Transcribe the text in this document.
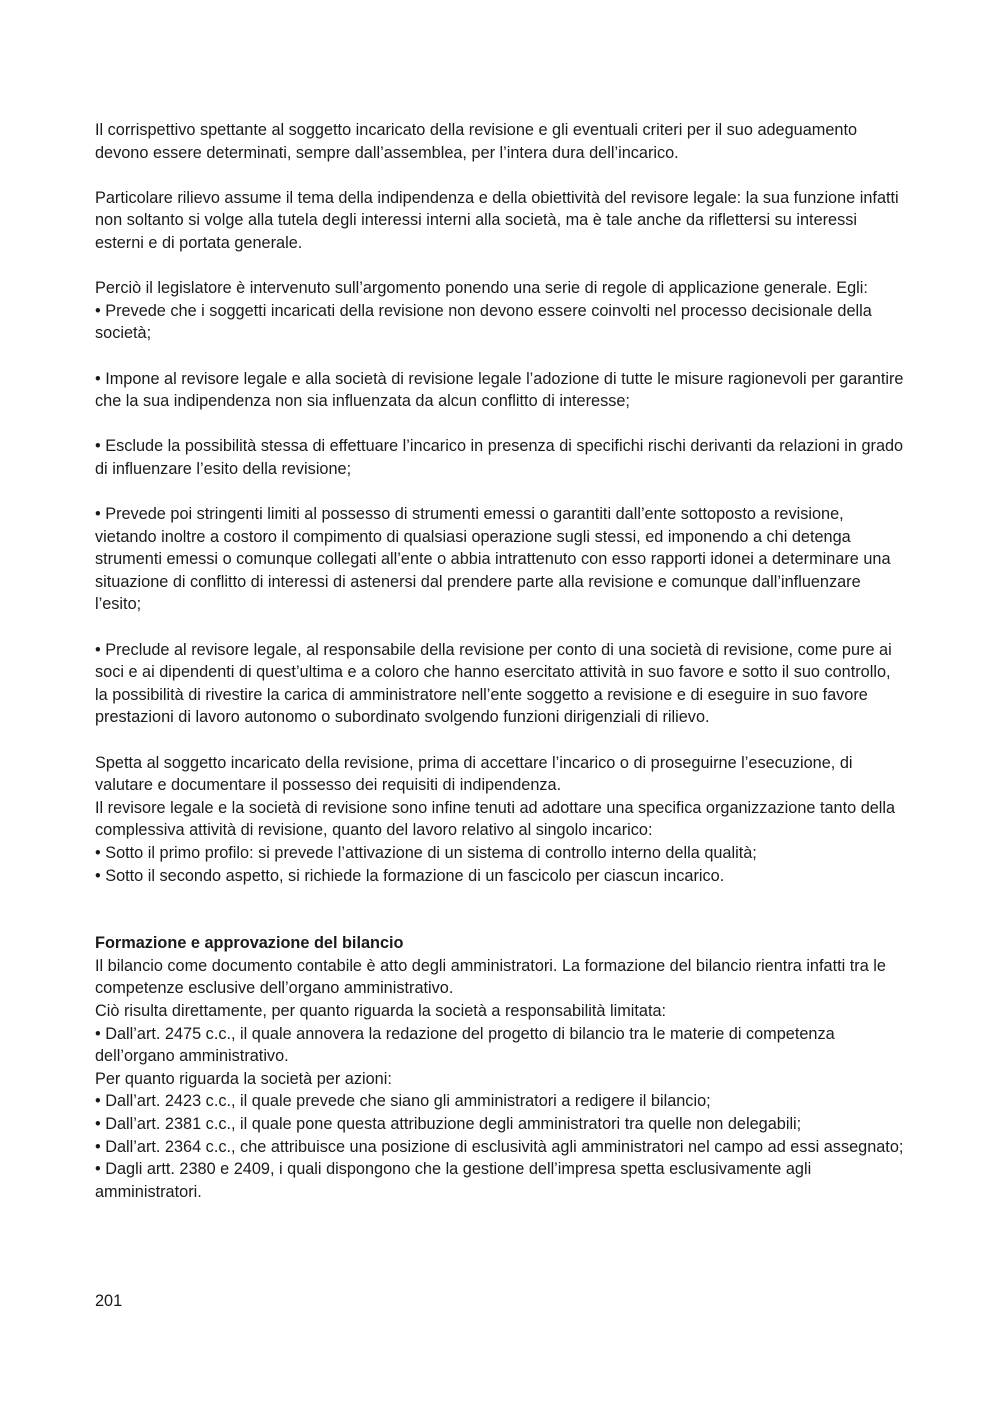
Il corrispettivo spettante al soggetto incaricato della revisione e gli eventuali criteri per il suo adeguamento devono essere determinati, sempre dall’assemblea, per l’intera dura dell’incarico.

Particolare rilievo assume il tema della indipendenza e della obiettività del revisore legale: la sua funzione infatti non soltanto si volge alla tutela degli interessi interni alla società, ma è tale anche da riflettersi su interessi esterni e di portata generale.

Perciò il legislatore è intervenuto sull’argomento ponendo una serie di regole di applicazione generale. Egli:

• Prevede che i soggetti incaricati della revisione non devono essere coinvolti nel processo decisionale della società;

• Impone al revisore legale e alla società di revisione legale l’adozione di tutte le misure ragionevoli per garantire che la sua indipendenza non sia influenzata da alcun conflitto di interesse;

• Esclude la possibilità stessa di effettuare l’incarico in presenza di specifichi rischi derivanti da relazioni in grado di influenzare l’esito della revisione;

• Prevede poi stringenti limiti al possesso di strumenti emessi o garantiti dall’ente sottoposto a revisione, vietando inoltre a costoro il compimento di qualsiasi operazione sugli stessi, ed imponendo a chi detenga strumenti emessi o comunque collegati all’ente o abbia intrattenuto con esso rapporti idonei a determinare una situazione di conflitto di interessi di astenersi dal prendere parte alla revisione e comunque dall’influenzare l’esito;

• Preclude al revisore legale, al responsabile della revisione per conto di una società di revisione, come pure ai soci e ai dipendenti di quest’ultima e a coloro che hanno esercitato attività in suo favore e sotto il suo controllo, la possibilità di rivestire la carica di amministratore nell’ente soggetto a revisione e di eseguire in suo favore prestazioni di lavoro autonomo o subordinato svolgendo funzioni dirigenziali di rilievo.

Spetta al soggetto incaricato della revisione, prima di accettare l’incarico o di proseguirne l’esecuzione, di valutare e documentare il possesso dei requisiti di indipendenza.

Il revisore legale e la società di revisione sono infine tenuti ad adottare una specifica organizzazione tanto della complessiva attività di revisione, quanto del lavoro relativo al singolo incarico:

• Sotto il primo profilo: si prevede l’attivazione di un sistema di controllo interno della qualità;

• Sotto il secondo aspetto, si richiede la formazione di un fascicolo per ciascun incarico.

Formazione e approvazione del bilancio

Il bilancio come documento contabile è atto degli amministratori. La formazione del bilancio rientra infatti tra le competenze esclusive dell’organo amministrativo.

Ciò risulta direttamente, per quanto riguarda la società a responsabilità limitata:

• Dall’art. 2475 c.c., il quale annovera la redazione del progetto di bilancio tra le materie di competenza dell’organo amministrativo.

Per quanto riguarda la società per azioni:

• Dall’art. 2423 c.c., il quale prevede che siano gli amministratori a redigere il bilancio;

• Dall’art. 2381 c.c., il quale pone questa attribuzione degli amministratori tra quelle non delegabili;

• Dall’art. 2364 c.c., che attribuisce una posizione di esclusività agli amministratori nel campo ad essi assegnato;

• Dagli artt. 2380 e 2409, i quali dispongono che la gestione dell’impresa spetta esclusivamente agli amministratori.

201
